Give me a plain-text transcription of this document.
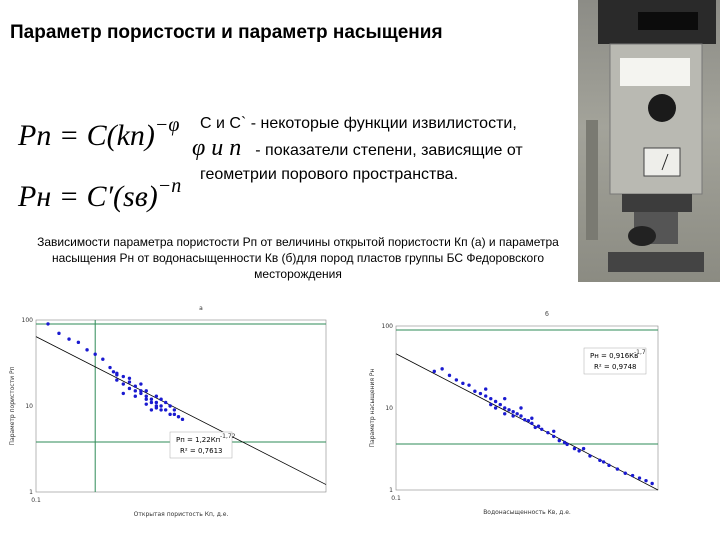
Параметр пористости и параметр насыщения
Pп = C(kп)$^{-\varphi}$
Pн = C′(sв)$^{-n}$
С и С` - некоторые функции извилистости,
φ и n - показатели степени, зависящие от
геометрии порового пространства.
Зависимости параметра пористости Рп от величины открытой пористости Кп (а) и параметра насыщения Рн от водонасыщенности Кв (б)для пород пластов группы БС Федоровского месторождения
а
100
10
1
0.1
Открытая пористость Кп, д.е.
Параметр пористости Рп	Рп = 1,22Кп -1,72
R² = 0,7613
б
100
10
1
0.1
Водонасыщенность Кв, д.е.
Параметр насыщения Рн
Рн = 0,916Кв
-1,7
R² = 0,9748
